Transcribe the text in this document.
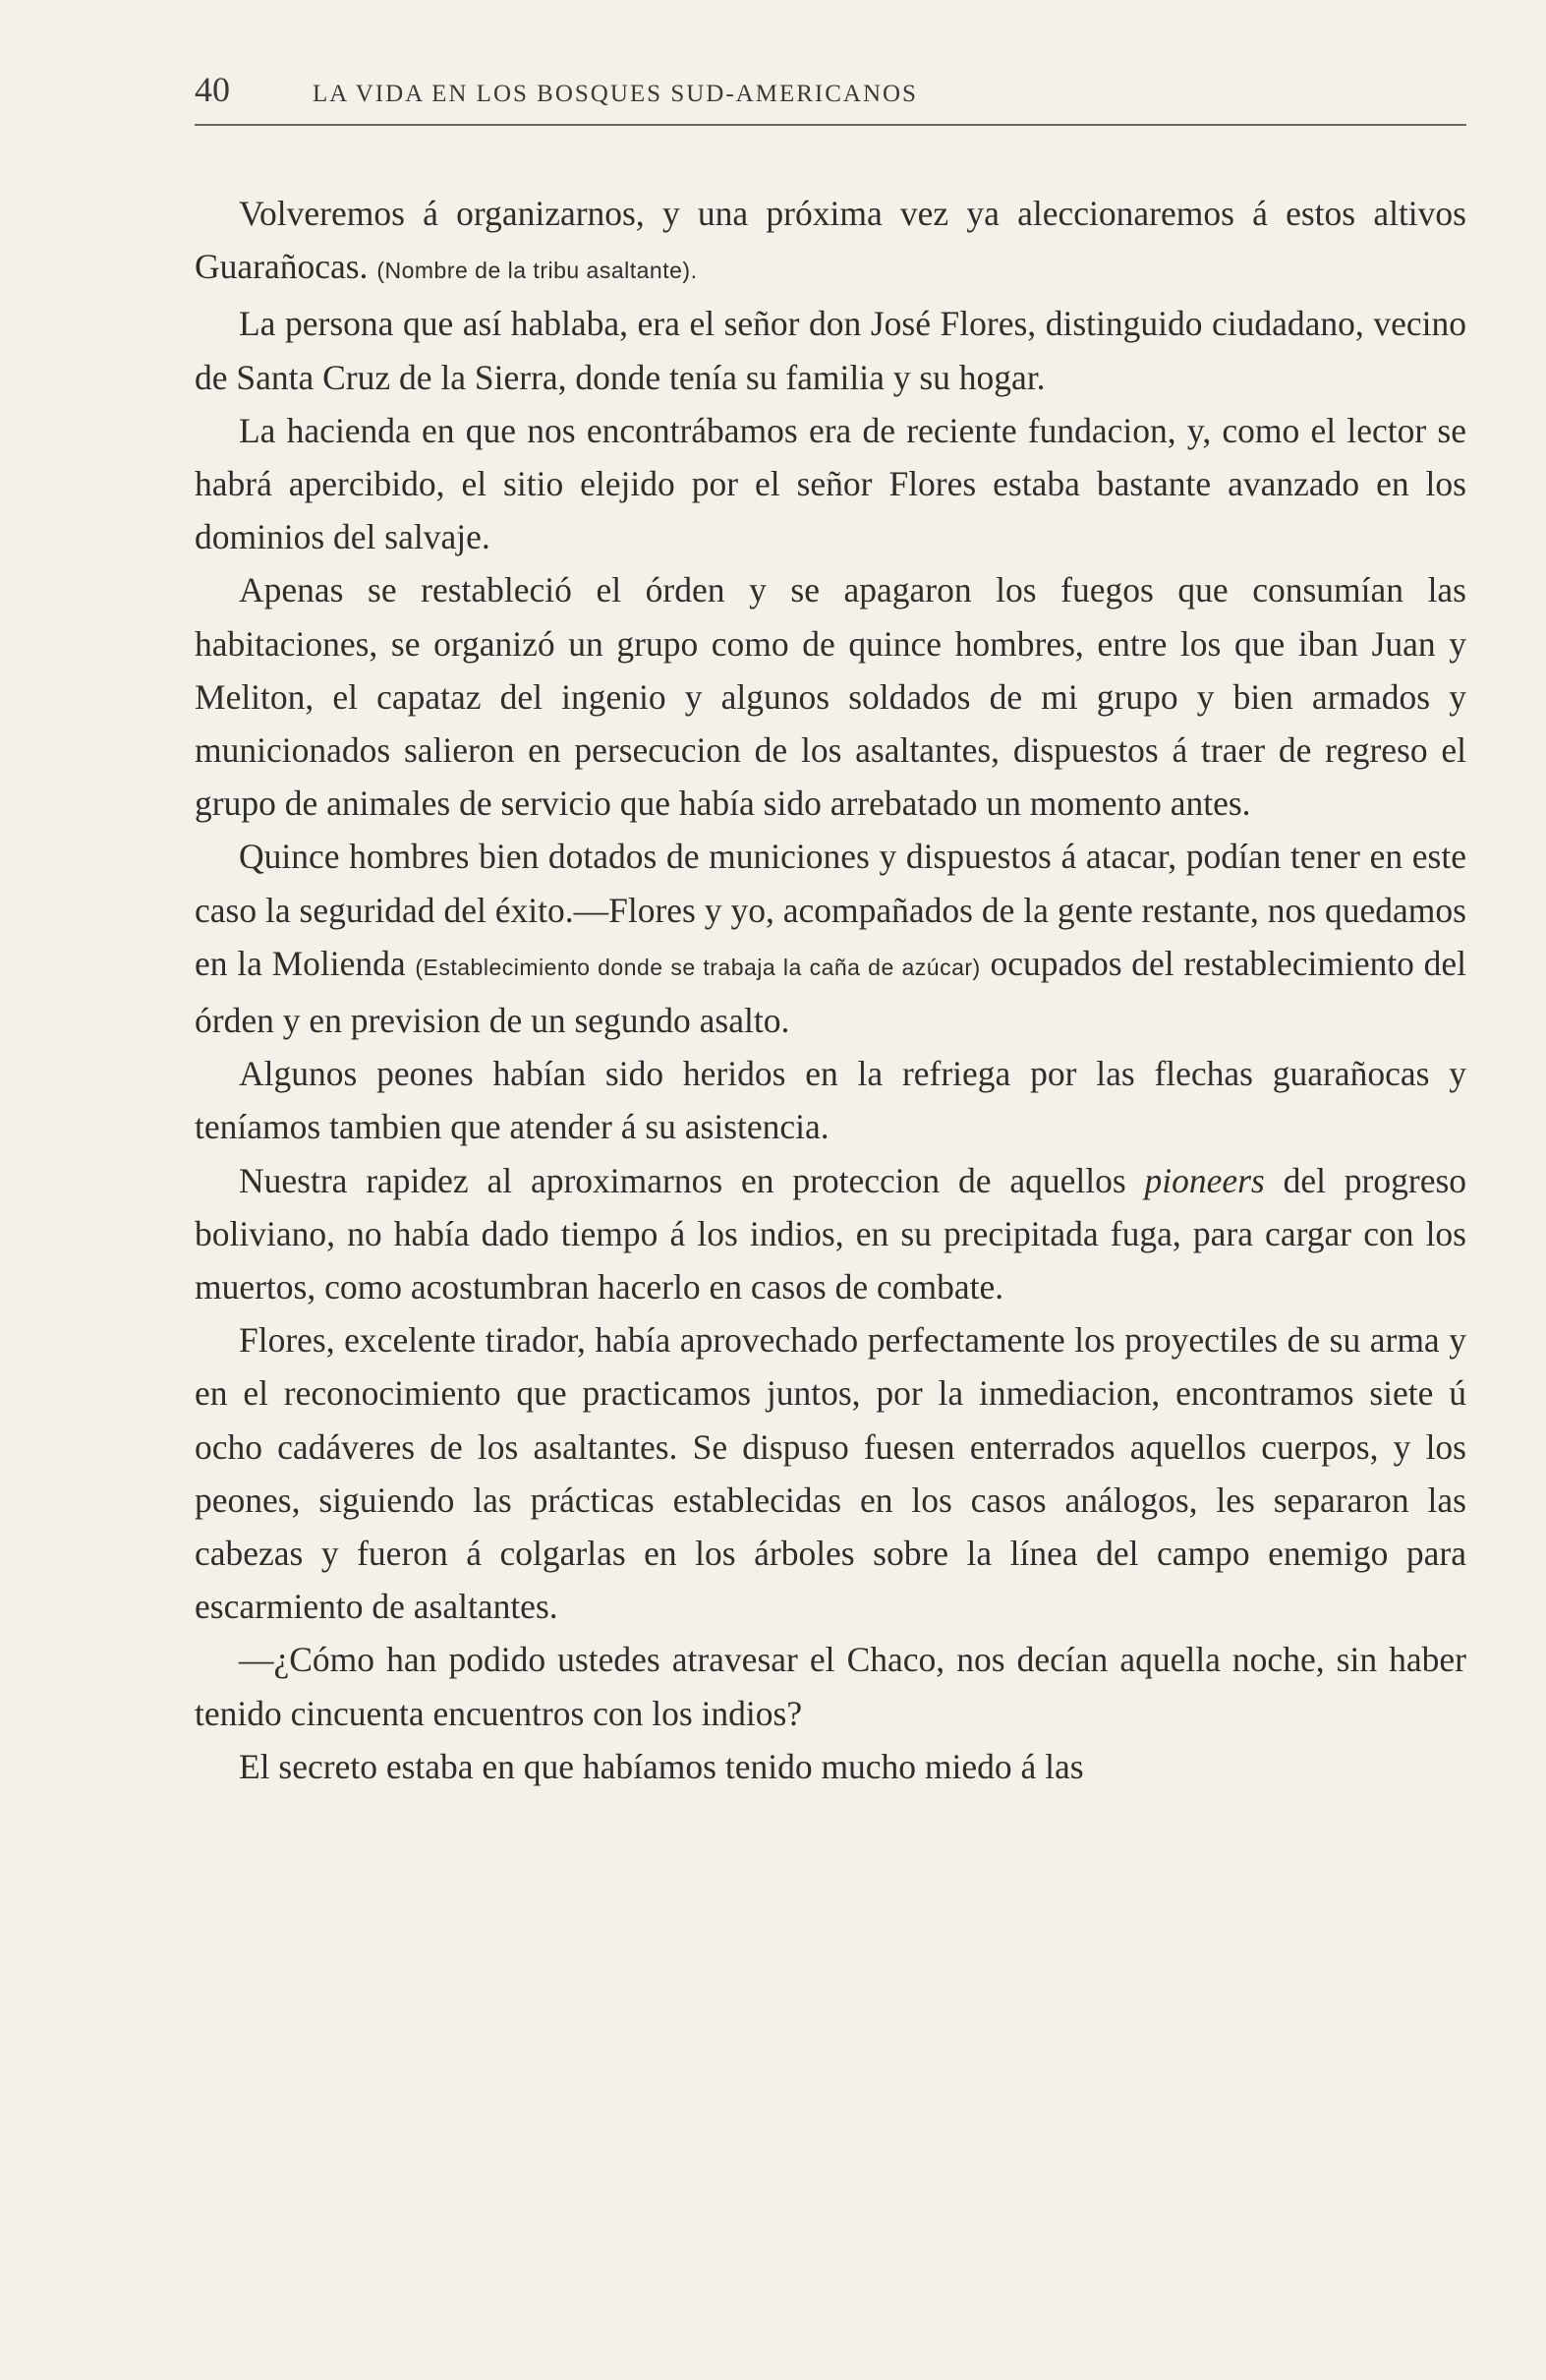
40	LA VIDA EN LOS BOSQUES SUD-AMERICANOS

Volveremos á organizarnos, y una próxima vez ya aleccionaremos á estos altivos Guarañocas. (Nombre de la tribu asaltante).

La persona que así hablaba, era el señor don José Flores, distinguido ciudadano, vecino de Santa Cruz de la Sierra, donde tenía su familia y su hogar.

La hacienda en que nos encontrábamos era de reciente fundacion, y, como el lector se habrá apercibido, el sitio elejido por el señor Flores estaba bastante avanzado en los dominios del salvaje.

Apenas se restableció el órden y se apagaron los fuegos que consumían las habitaciones, se organizó un grupo como de quince hombres, entre los que iban Juan y Meliton, el capataz del ingenio y algunos soldados de mi grupo y bien armados y municionados salieron en persecucion de los asaltantes, dispuestos á traer de regreso el grupo de animales de servicio que había sido arrebatado un momento antes.

Quince hombres bien dotados de municiones y dispuestos á atacar, podían tener en este caso la seguridad del éxito.—Flores y yo, acompañados de la gente restante, nos quedamos en la Molienda (Establecimiento donde se trabaja la caña de azúcar) ocupados del restablecimiento del órden y en prevision de un segundo asalto.

Algunos peones habían sido heridos en la refriega por las flechas guarañocas y teníamos tambien que atender á su asistencia.

Nuestra rapidez al aproximarnos en proteccion de aquellos pioneers del progreso boliviano, no había dado tiempo á los indios, en su precipitada fuga, para cargar con los muertos, como acostumbran hacerlo en casos de combate.

Flores, excelente tirador, había aprovechado perfectamente los proyectiles de su arma y en el reconocimiento que practicamos juntos, por la inmediacion, encontramos siete ú ocho cadáveres de los asaltantes. Se dispuso fuesen enterrados aquellos cuerpos, y los peones, siguiendo las prácticas establecidas en los casos análogos, les separaron las cabezas y fueron á colgarlas en los árboles sobre la línea del campo enemigo para escarmiento de asaltantes.

—¿Cómo han podido ustedes atravesar el Chaco, nos decían aquella noche, sin haber tenido cincuenta encuentros con los indios?

El secreto estaba en que habíamos tenido mucho miedo á las
